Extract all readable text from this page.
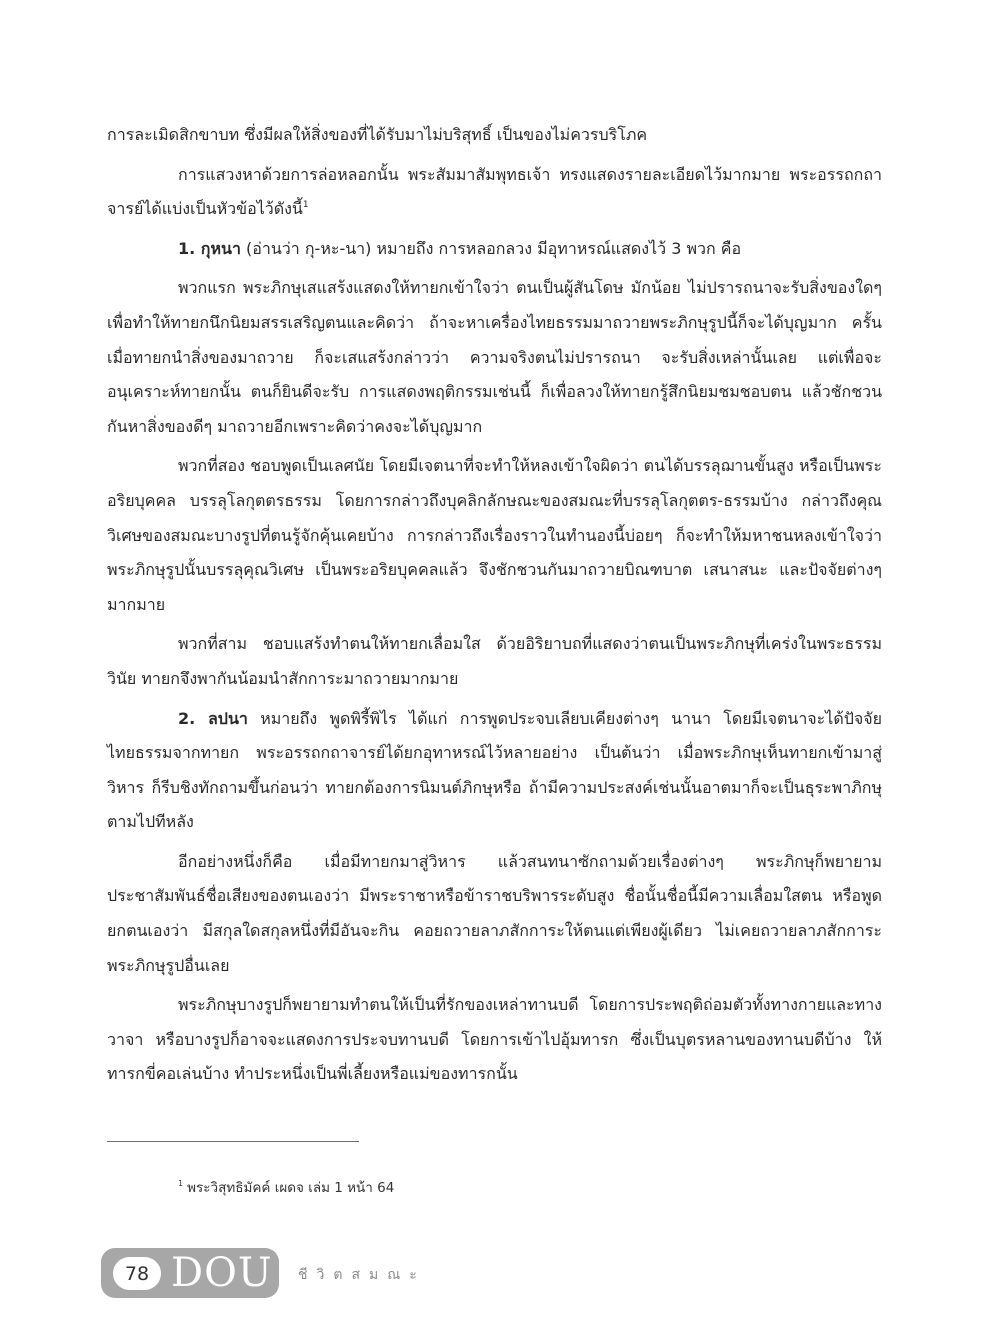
การละเมิดสิกขาบท ซึ่งมีผลให้สิ่งของที่ได้รับมาไม่บริสุทธิ์ เป็นของไม่ควรบริโภค

การแสวงหาด้วยการล่อหลอกนั้น พระสัมมาสัมพุทธเจ้า ทรงแสดงรายละเอียดไว้มากมาย พระอรรถกถาจารย์ได้แบ่งเป็นหัวข้อไว้ดังนี้$^1$

1. กุหนา (อ่านว่า กุ-หะ-นา) หมายถึง การหลอกลวง มีอุทาหรณ์แสดงไว้ 3 พวก คือ

พวกแรก พระภิกษุเสแสร้งแสดงให้ทายกเข้าใจว่า ตนเป็นผู้สันโดษ มักน้อย ไม่ปรารถนาจะรับสิ่งของใดๆ เพื่อทำให้ทายกนึกนิยมสรรเสริญตนและคิดว่า ถ้าจะหาเครื่องไทยธรรมมาถวายพระภิกษุรูปนี้ก็จะได้บุญมาก ครั้นเมื่อทายกนำสิ่งของมาถวาย ก็จะเสแสร้งกล่าวว่า ความจริงตนไม่ปรารถนา จะรับสิ่งเหล่านั้นเลย แต่เพื่อจะอนุเคราะห์ทายกนั้น ตนก็ยินดีจะรับ การแสดงพฤติกรรมเช่นนี้ ก็เพื่อลวงให้ทายกรู้สึกนิยมชมชอบตน แล้วชักชวนกันหาสิ่งของดีๆ มาถวายอีกเพราะคิดว่าคงจะได้บุญมาก

พวกที่สอง ชอบพูดเป็นเลศนัย โดยมีเจตนาที่จะทำให้หลงเข้าใจผิดว่า ตนได้บรรลุฌานขั้นสูง หรือเป็นพระอริยบุคคล บรรลุโลกุตตรธรรม โดยการกล่าวถึงบุคลิกลักษณะของสมณะที่บรรลุโลกุตตร-ธรรมบ้าง กล่าวถึงคุณวิเศษของสมณะบางรูปที่ตนรู้จักคุ้นเคยบ้าง การกล่าวถึงเรื่องราวในทำนองนี้บ่อยๆ ก็จะทำให้มหาชนหลงเข้าใจว่า พระภิกษุรูปนั้นบรรลุคุณวิเศษ เป็นพระอริยบุคคลแล้ว จึงชักชวนกันมาถวายบิณฑบาต เสนาสนะ และปัจจัยต่างๆ มากมาย

พวกที่สาม ชอบแสร้งทำตนให้ทายกเลื่อมใส ด้วยอิริยาบถที่แสดงว่าตนเป็นพระภิกษุที่เคร่งในพระธรรมวินัย ทายกจึงพากันน้อมนำสักการะมาถวายมากมาย

2. ลปนา หมายถึง พูดพิรี้พิไร ได้แก่ การพูดประจบเลียบเคียงต่างๆ นานา โดยมีเจตนาจะได้ปัจจัยไทยธรรมจากทายก พระอรรถกถาจารย์ได้ยกอุทาหรณ์ไว้หลายอย่าง เป็นต้นว่า เมื่อพระภิกษุเห็นทายกเข้ามาสู่วิหาร ก็รีบชิงทักถามขึ้นก่อนว่า ทายกต้องการนิมนต์ภิกษุหรือ ถ้ามีความประสงค์เช่นนั้นอาตมาก็จะเป็นธุระพาภิกษุตามไปทีหลัง

อีกอย่างหนึ่งก็คือ เมื่อมีทายกมาสู่วิหาร แล้วสนทนาซักถามด้วยเรื่องต่างๆ พระภิกษุก็พยายามประชาสัมพันธ์ชื่อเสียงของตนเองว่า มีพระราชาหรือข้าราชบริพารระดับสูง ชื่อนั้นชื่อนี้มีความเลื่อมใสตน หรือพูดยกตนเองว่า มีสกุลใดสกุลหนึ่งที่มีอันจะกิน คอยถวายลาภสักการะให้ตนแต่เพียงผู้เดียว ไม่เคยถวายลาภสักการะพระภิกษุรูปอื่นเลย

พระภิกษุบางรูปก็พยายามทำตนให้เป็นที่รักของเหล่าทานบดี โดยการประพฤติถ่อมตัวทั้งทางกายและทางวาจา หรือบางรูปก็อาจจะแสดงการประจบทานบดี โดยการเข้าไปอุ้มทารก ซึ่งเป็นบุตรหลานของทานบดีบ้าง ให้ทารกขี่คอเล่นบ้าง ทำประหนึ่งเป็นพี่เลี้ยงหรือแม่ของทารกนั้น

$^1$ พระวิสุทธิมัคค์ เผดจ เล่ม 1 หน้า 64
78 DOU ชีวิตสมณะ
